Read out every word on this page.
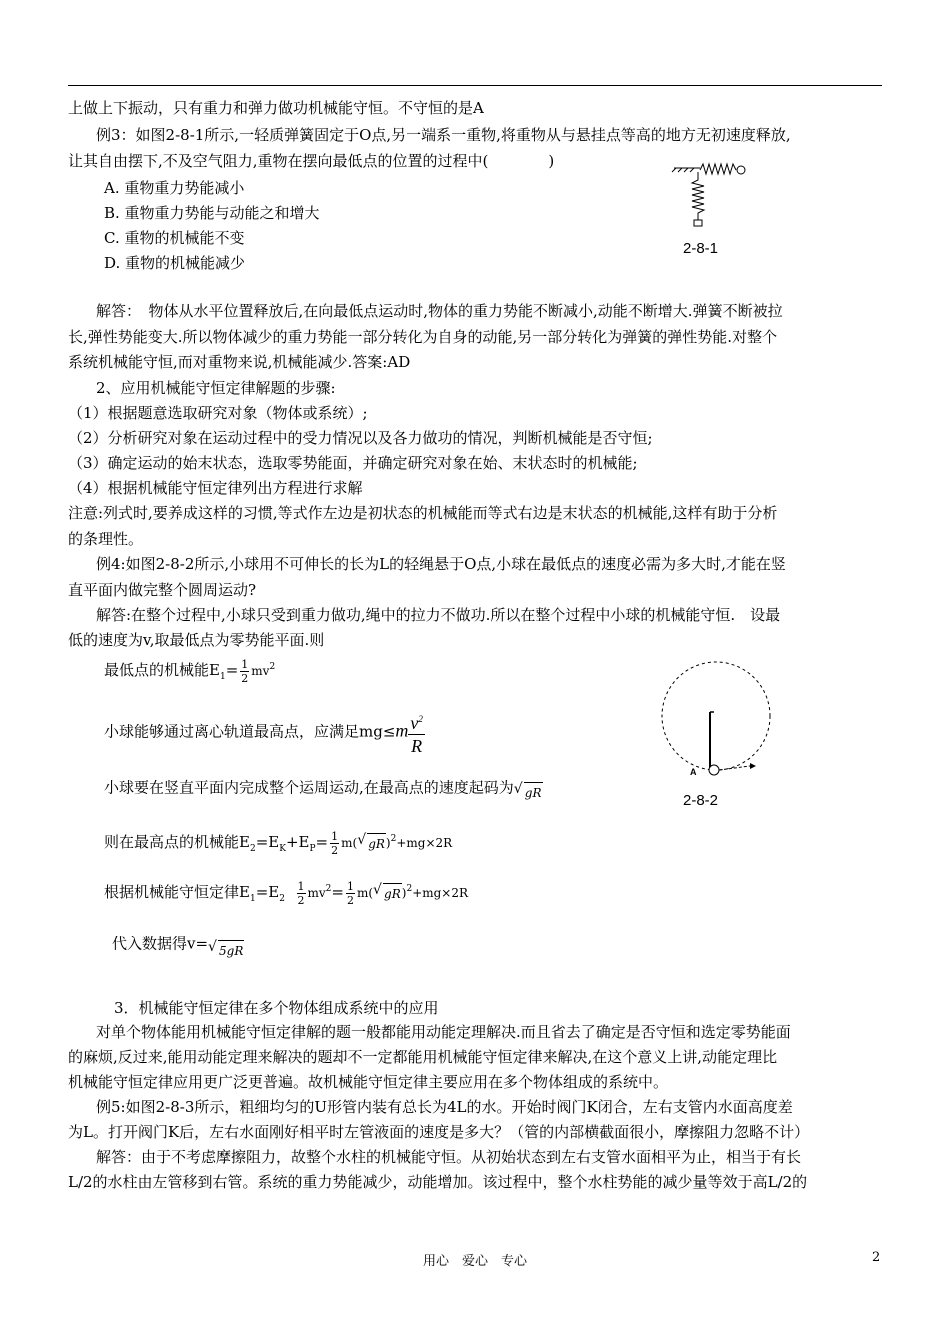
上做上下振动，只有重力和弹力做功机械能守恒。不守恒的是A
例3：如图2-8-1所示,一轻质弹簧固定于O点,另一端系一重物,将重物从与悬挂点等高的地方无初速度释放,
让其自由摆下,不及空气阻力,重物在摆向最低点的位置的过程中(　　　　)
A. 重物重力势能减小
B. 重物重力势能与动能之和增大
C. 重物的机械能不变
D. 重物的机械能减少
2-8-1
解答：　物体从水平位置释放后,在向最低点运动时,物体的重力势能不断减小,动能不断增大.弹簧不断被拉
长,弹性势能变大.所以物体减少的重力势能一部分转化为自身的动能,另一部分转化为弹簧的弹性势能.对整个
系统机械能守恒,而对重物来说,机械能减少.答案:AD
2、应用机械能守恒定律解题的步骤:
（1）根据题意选取研究对象（物体或系统）;
（2）分析研究对象在运动过程中的受力情况以及各力做功的情况，判断机械能是否守恒;
（3）确定运动的始末状态，选取零势能面，并确定研究对象在始、末状态时的机械能;
（4）根据机械能守恒定律列出方程进行求解
注意:列式时,要养成这样的习惯,等式作左边是初状态的机械能而等式右边是末状态的机械能,这样有助于分析
的条理性。
例4:如图2-8-2所示,小球用不可伸长的长为L的轻绳悬于O点,小球在最低点的速度必需为多大时,才能在竖
直平面内做完整个圆周运动?
解答:在整个过程中,小球只受到重力做功,绳中的拉力不做功.所以在整个过程中小球的机械能守恒.　设最
低的速度为v,取最低点为零势能平面.则
最低点的机械能$E_1= \frac{1}{2} mv^2$
小球能够通过离心轨道最高点，应满足$mg\le m \frac{v^2}{R}$
小球要在竖直平面内完成整个运周运动,在最高点的速度起码为√ gR
则在最高点的机械能$E_2=E_K+E_P= \frac{1}{2} m(√$ gR)$^2$+mg×2R
根据机械能守恒定律$E_1=E_2 \frac{1}{2} mv^2= \frac{1}{2} m(√$ gR)$^2$+mg×2R
代入数据得v=√ 5gR
A
2-8-2
3．机械能守恒定律在多个物体组成系统中的应用
对单个物体能用机械能守恒定律解的题一般都能用动能定理解决.而且省去了确定是否守恒和选定零势能面
的麻烦,反过来,能用动能定理来解决的题却不一定都能用机械能守恒定律来解决,在这个意义上讲,动能定理比
机械能守恒定律应用更广泛更普遍。故机械能守恒定律主要应用在多个物体组成的系统中。
例5:如图2-8-3所示，粗细均匀的U形管内装有总长为4L的水。开始时阀门K闭合，左右支管内水面高度差
为L。打开阀门K后，左右水面刚好相平时左管液面的速度是多大？（管的内部横截面很小，摩擦阻力忽略不计）
解答：由于不考虑摩擦阻力，故整个水柱的机械能守恒。从初始状态到左右支管水面相平为止，相当于有长
L/2的水柱由左管移到右管。系统的重力势能减少，动能增加。该过程中，整个水柱势能的减少量等效于高L/2的
用心　爱心　专心	2
